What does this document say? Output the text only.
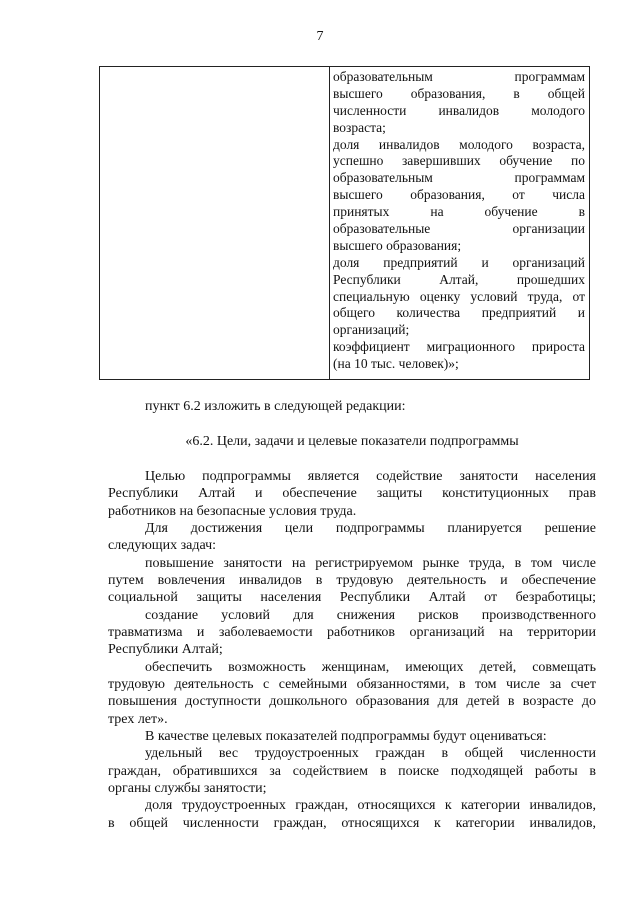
7
образовательным программам
высшего образования, в общей
численности инвалидов молодого
возраста;
доля инвалидов молодого возраста,
успешно завершивших обучение по
образовательным программам
высшего образования, от числа
принятых на обучение в
образовательные организации
высшего образования;
доля предприятий и организаций
Республики Алтай, прошедших
специальную оценку условий труда, от
общего количества предприятий и
организаций;
коэффициент миграционного прироста
(на 10 тыс. человек)»;
пункт 6.2 изложить в следующей редакции:
«6.2. Цели, задачи и целевые показатели подпрограммы
Целью подпрограммы является содействие занятости населения
Республики Алтай и обеспечение защиты конституционных прав
работников на безопасные условия труда.
Для достижения цели подпрограммы планируется решение
следующих задач:
повышение занятости на регистрируемом рынке труда, в том числе
путем вовлечения инвалидов в трудовую деятельность и обеспечение
социальной защиты населения Республики Алтай от безработицы;
создание условий для снижения рисков производственного
травматизма и заболеваемости работников организаций на территории
Республики Алтай;
обеспечить возможность женщинам, имеющих детей, совмещать
трудовую деятельность с семейными обязанностями, в том числе за счет
повышения доступности дошкольного образования для детей в возрасте до
трех лет».
В качестве целевых показателей подпрограммы будут оцениваться:
удельный вес трудоустроенных граждан в общей численности
граждан, обратившихся за содействием в поиске подходящей работы в
органы службы занятости;
доля трудоустроенных граждан, относящихся к категории инвалидов,
в общей численности граждан, относящихся к категории инвалидов,
